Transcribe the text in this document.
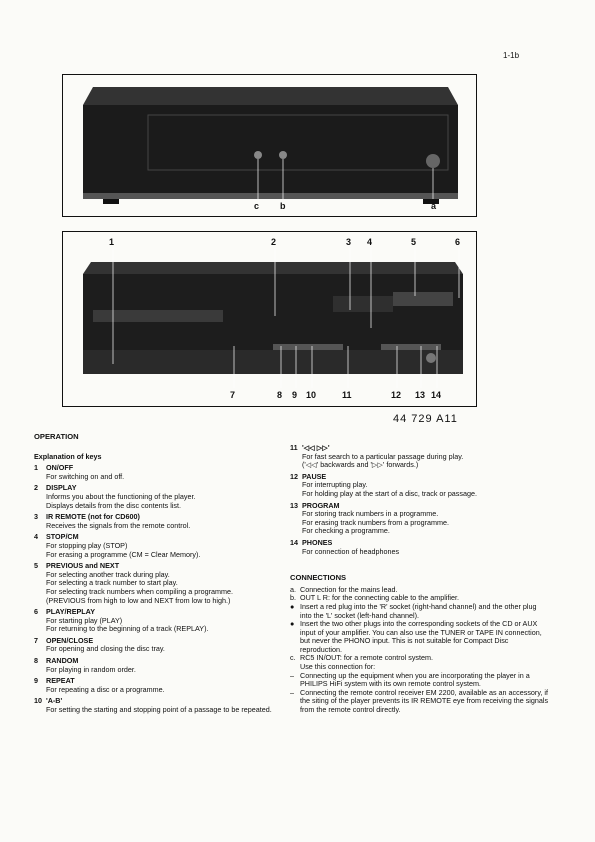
1-1b
c b	a
1	2	3 4	5	6
7	8 9 10	11	12 13 14
44 729 A11
OPERATION
Explanation of keys
1	ON/OFF
For switching on and off.
2	DISPLAY
Informs you about the functioning of the player.
Displays details from the disc contents list.
3	IR REMOTE (not for CD600)
Receives the signals from the remote control.
4	STOP/CM
For stopping play (STOP)
For erasing a programme (CM = Clear Memory).
5	PREVIOUS and NEXT
For selecting another track during play.
For selecting a track number to start play.
For selecting track numbers when compiling a programme.
(PREVIOUS from high to low and NEXT from low to high.)
6	PLAY/REPLAY
For starting play (PLAY)
For returning to the beginning of a track (REPLAY).
7	OPEN/CLOSE
For opening and closing the disc tray.
8	RANDOM
For playing in random order.
9	REPEAT
For repeating a disc or a programme.
10 'A-B'
For setting the starting and stopping point of a passage to be repeated.
11 '◁◁ ▷▷'
For fast search to a particular passage during play.
('◁◁' backwards and '▷▷' forwards.)
12 PAUSE
For interrupting play.
For holding play at the start of a disc, track or passage.
13 PROGRAM
For storing track numbers in a programme.
For erasing track numbers from a programme.
For checking a programme.
14 PHONES
For connection of headphones
CONNECTIONS
a. Connection for the mains lead.
b. OUT L R: for the connecting cable to the amplifier.
● Insert a red plug into the 'R' socket (right-hand channel) and the other plug into the 'L' socket (left-hand channel).
● Insert the two other plugs into the corresponding sockets of the CD or AUX input of your amplifier. You can also use the TUNER or TAPE IN connection, but never the PHONO input. This is not suitable for Compact Disc reproduction.
c. RC5 IN/OUT: for a remote control system.
Use this connection for:
– Connecting up the equipment when you are incorporating the player in a PHILIPS HiFi system with its own remote control system.
– Connecting the remote control receiver EM 2200, available as an accessory, if the siting of the player prevents its IR REMOTE eye from receiving the signals from the remote control directly.
